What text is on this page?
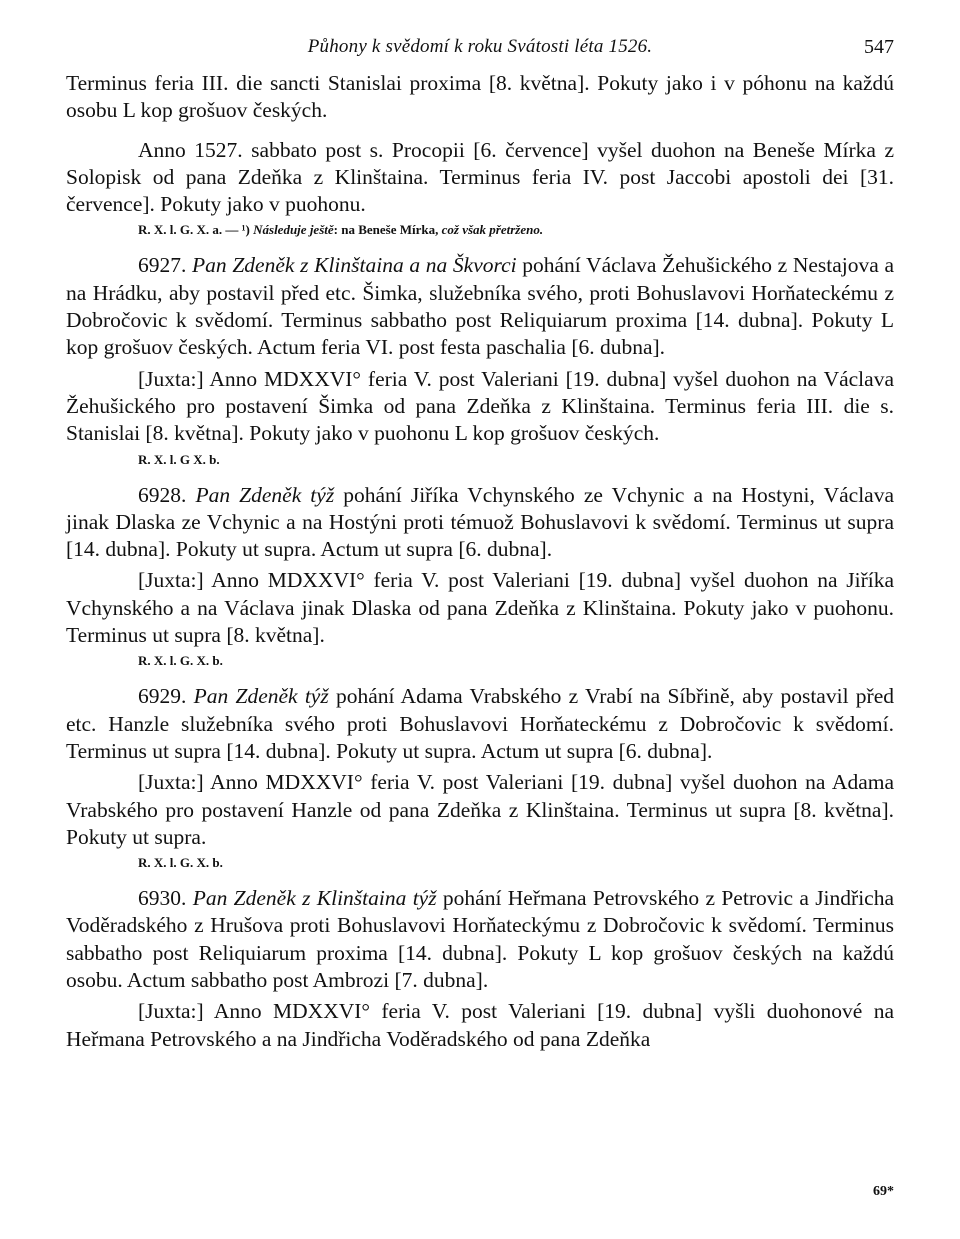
Půhony k svědomí k roku Svátosti léta 1526.	547

Terminus feria III. die sancti Stanislai proxima [8. května]. Pokuty jako i v póhonu na každú osobu L kop grošuov českých.

Anno 1527. sabbato post s. Procopii [6. července] vyšel duohon na Beneše Mírka z Solopisk od pana Zdeňka z Klinštaina. Terminus feria IV. post Jaccobi apostoli dei [31. července]. Pokuty jako v puohonu.

R. X. l. G. X. a. — ¹) Následuje ještě: na Beneše Mírka, což však přetrženo.

6927. Pan Zdeněk z Klinštaina a na Škvorci pohání Václava Žehušického z Nestajova a na Hrádku, aby postavil před etc. Šimka, služebníka svého, proti Bohuslavovi Horňateckému z Dobročovic k svědomí. Terminus sabbatho post Reliquiarum proxima [14. dubna]. Pokuty L kop grošuov českých. Actum feria VI. post festa paschalia [6. dubna].

[Juxta:] Anno MDXXVI° feria V. post Valeriani [19. dubna] vyšel duohon na Václava Žehušického pro postavení Šimka od pana Zdeňka z Klinštaina. Terminus feria III. die s. Stanislai [8. května]. Pokuty jako v puohonu L kop grošuov českých.

R. X. l. G X. b.

6928. Pan Zdeněk týž pohání Jiříka Vchynského ze Vchynic a na Hostyni, Václava jinak Dlaska ze Vchynic a na Hostýni proti témuož Bohuslavovi k svědomí. Terminus ut supra [14. dubna]. Pokuty ut supra. Actum ut supra [6. dubna].

[Juxta:] Anno MDXXVI° feria V. post Valeriani [19. dubna] vyšel duohon na Jiříka Vchynského a na Václava jinak Dlaska od pana Zdeňka z Klinštaina. Pokuty jako v puohonu. Terminus ut supra [8. května].

R. X. l. G. X. b.

6929. Pan Zdeněk týž pohání Adama Vrabského z Vrabí na Síbřině, aby postavil před etc. Hanzle služebníka svého proti Bohuslavovi Horňateckému z Dobročovic k svědomí. Terminus ut supra [14. dubna]. Pokuty ut supra. Actum ut supra [6. dubna].

[Juxta:] Anno MDXXVI° feria V. post Valeriani [19. dubna] vyšel duohon na Adama Vrabského pro postavení Hanzle od pana Zdeňka z Klinštaina. Terminus ut supra [8. května]. Pokuty ut supra.

R. X. l. G. X. b.

6930. Pan Zdeněk z Klinštaina týž pohání Heřmana Petrovského z Petrovic a Jindřicha Voděradského z Hrušova proti Bohuslavovi Horňateckýmu z Dobročovic k svědomí. Terminus sabbatho post Reliquiarum proxima [14. dubna]. Pokuty L kop grošuov českých na každú osobu. Actum sabbatho post Ambrozi [7. dubna].

[Juxta:] Anno MDXXVI° feria V. post Valeriani [19. dubna] vyšli duohonové na Heřmana Petrovského a na Jindřicha Voděradského od pana Zdeňka

69*
